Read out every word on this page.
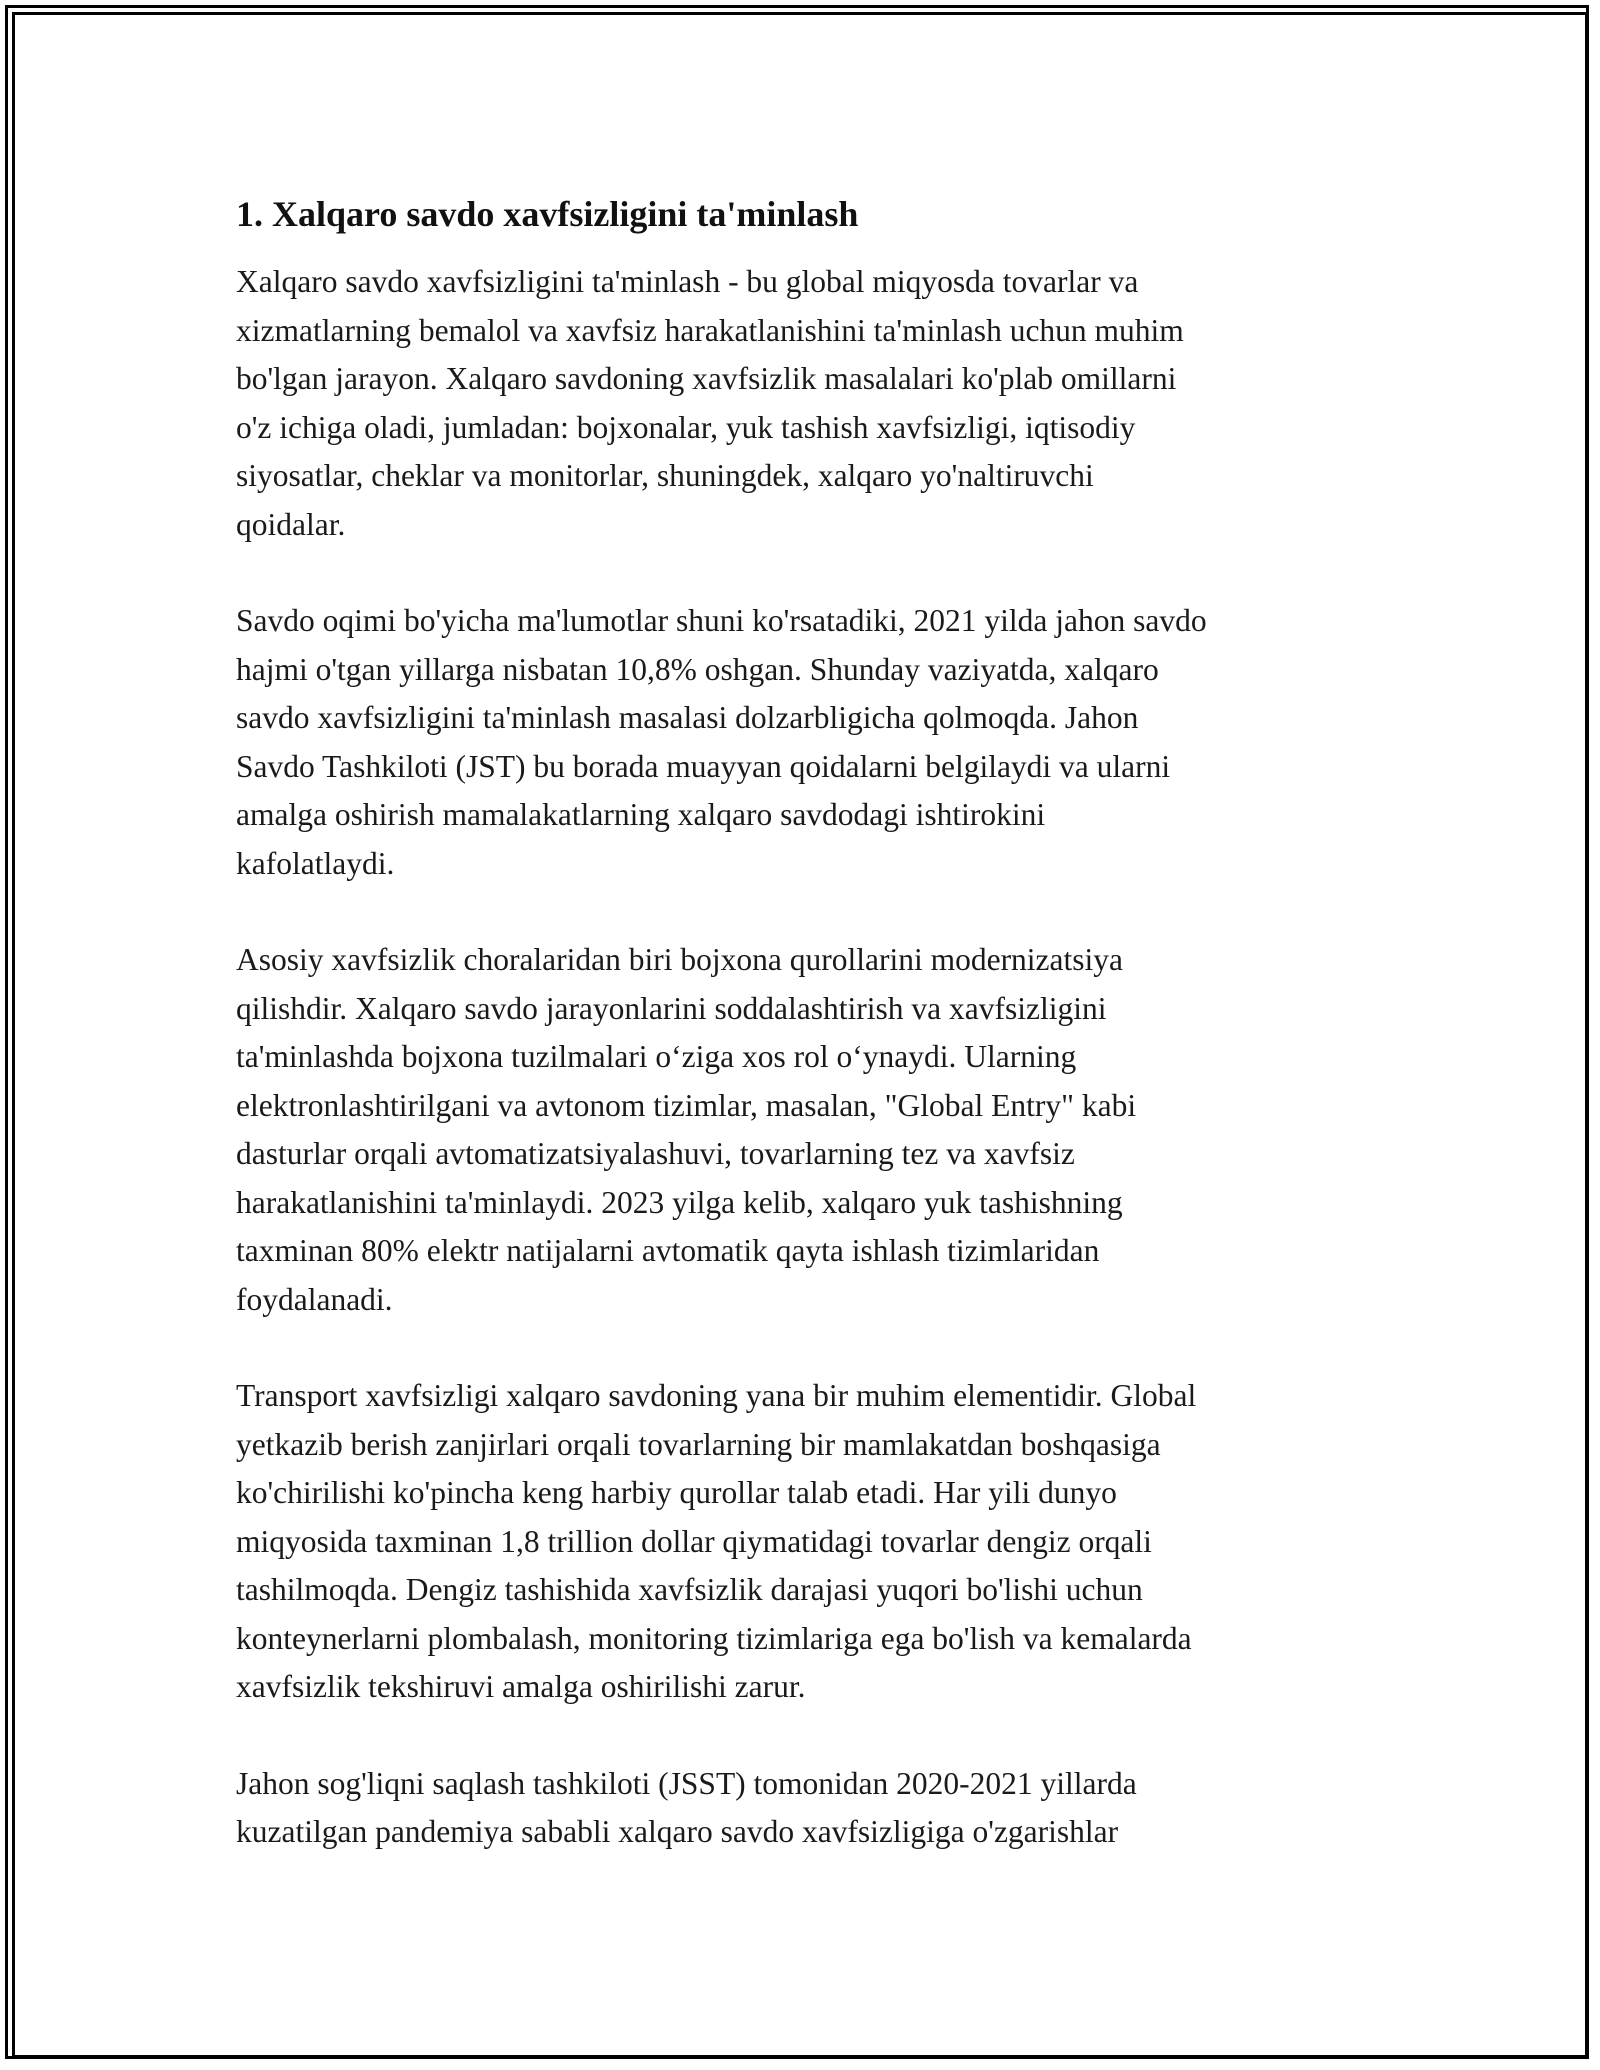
1. Xalqaro savdo xavfsizligini ta'minlash
Xalqaro savdo xavfsizligini ta'minlash - bu global miqyosda tovarlar va
xizmatlarning bemalol va xavfsiz harakatlanishini ta'minlash uchun muhim
bo'lgan jarayon. Xalqaro savdoning xavfsizlik masalalari ko'plab omillarni
o'z ichiga oladi, jumladan: bojxonalar, yuk tashish xavfsizligi, iqtisodiy
siyosatlar, cheklar va monitorlar, shuningdek, xalqaro yo'naltiruvchi
qoidalar.
Savdo oqimi bo'yicha ma'lumotlar shuni ko'rsatadiki, 2021 yilda jahon savdo
hajmi o'tgan yillarga nisbatan 10,8% oshgan. Shunday vaziyatda, xalqaro
savdo xavfsizligini ta'minlash masalasi dolzarbligicha qolmoqda. Jahon
Savdo Tashkiloti (JST) bu borada muayyan qoidalarni belgilaydi va ularni
amalga oshirish mamalakatlarning xalqaro savdodagi ishtirokini
kafolatlaydi.
Asosiy xavfsizlik choralaridan biri bojxona qurollarini modernizatsiya
qilishdir. Xalqaro savdo jarayonlarini soddalashtirish va xavfsizligini
ta'minlashda bojxona tuzilmalari o‘ziga xos rol o‘ynaydi. Ularning
elektronlashtirilgani va avtonom tizimlar, masalan, "Global Entry" kabi
dasturlar orqali avtomatizatsiyalashuvi, tovarlarning tez va xavfsiz
harakatlanishini ta'minlaydi. 2023 yilga kelib, xalqaro yuk tashishning
taxminan 80% elektr natijalarni avtomatik qayta ishlash tizimlaridan
foydalanadi.
Transport xavfsizligi xalqaro savdoning yana bir muhim elementidir. Global
yetkazib berish zanjirlari orqali tovarlarning bir mamlakatdan boshqasiga
ko'chirilishi ko'pincha keng harbiy qurollar talab etadi. Har yili dunyo
miqyosida taxminan 1,8 trillion dollar qiymatidagi tovarlar dengiz orqali
tashilmoqda. Dengiz tashishida xavfsizlik darajasi yuqori bo'lishi uchun
konteynerlarni plombalash, monitoring tizimlariga ega bo'lish va kemalarda
xavfsizlik tekshiruvi amalga oshirilishi zarur.
Jahon sog'liqni saqlash tashkiloti (JSST) tomonidan 2020-2021 yillarda
kuzatilgan pandemiya sababli xalqaro savdo xavfsizligiga o'zgarishlar
